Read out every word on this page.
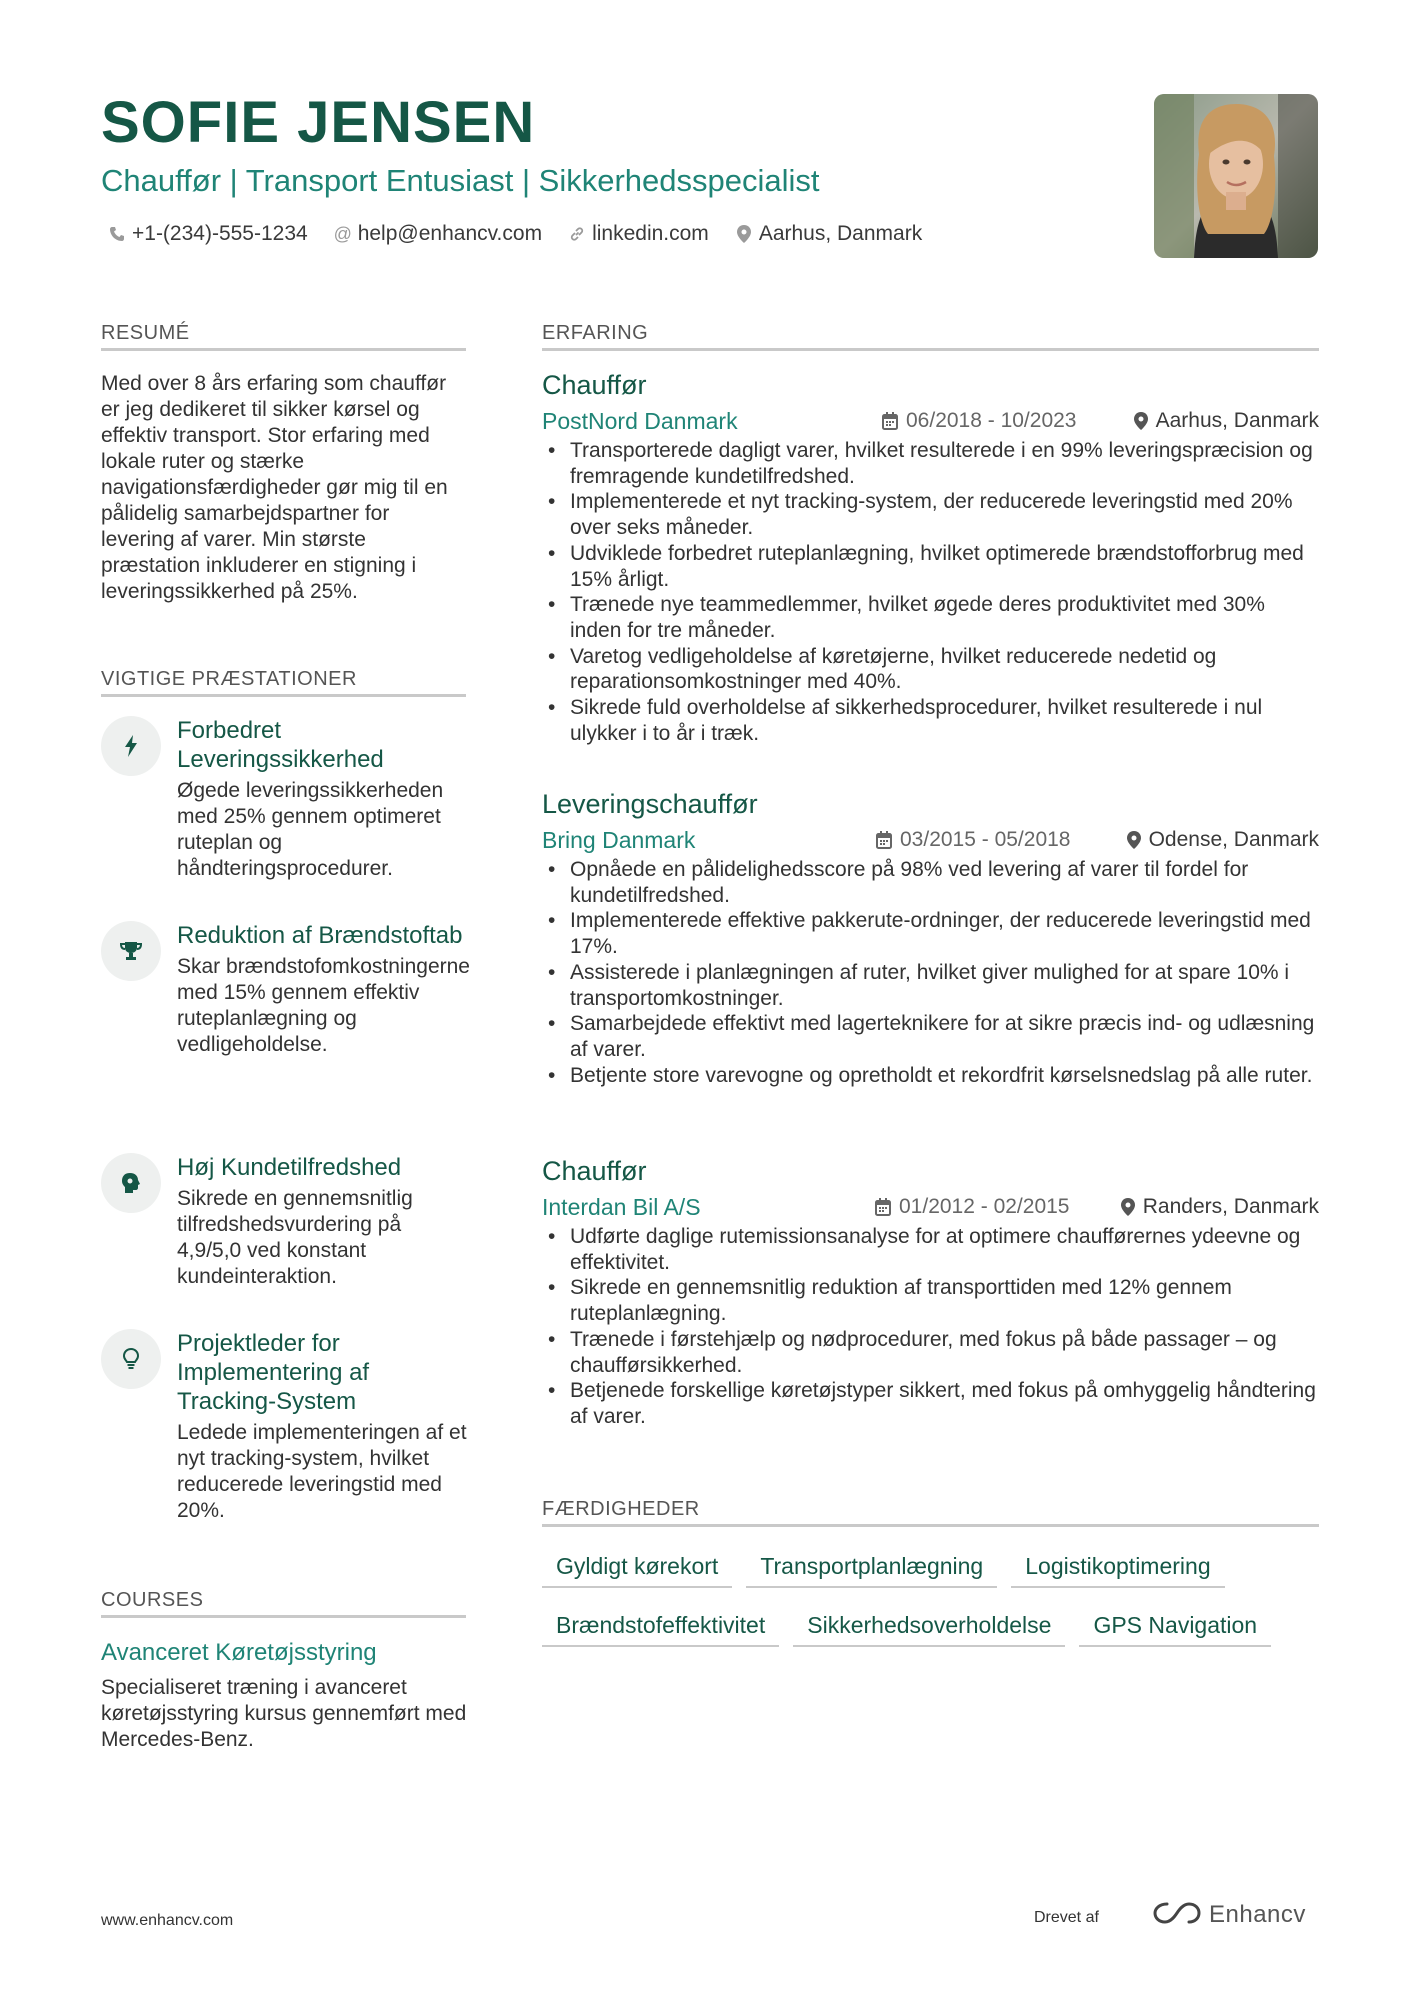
SOFIE JENSEN
Chauffør | Transport Entusiast | Sikkerhedsspecialist
+1-(234)-555-1234 @ help@enhancv.com linkedin.com Aarhus, Danmark
RESUMÉ
Med over 8 års erfaring som chauffør er jeg dedikeret til sikker kørsel og effektiv transport. Stor erfaring med lokale ruter og stærke navigationsfærdigheder gør mig til en pålidelig samarbejdspartner for levering af varer. Min største præstation inkluderer en stigning i leveringssikkerhed på 25%.
VIGTIGE PRÆSTATIONER
Forbedret Leveringssikkerhed
Øgede leveringssikkerheden med 25% gennem optimeret ruteplan og håndteringsprocedurer.
Reduktion af Brændstoftab
Skar brændstofomkostningerne med 15% gennem effektiv ruteplanlægning og vedligeholdelse.
Høj Kundetilfredshed
Sikrede en gennemsnitlig tilfredshedsvurdering på 4,9/5,0 ved konstant kundeinteraktion.
Projektleder for Implementering af Tracking-System
Ledede implementeringen af et nyt tracking-system, hvilket reducerede leveringstid med 20%.
COURSES
Avanceret Køretøjsstyring
Specialiseret træning i avanceret køretøjsstyring kursus gennemført med Mercedes-Benz.
ERFARING
Chauffør
PostNord Danmark	06/2018 - 10/2023	Aarhus, Danmark
• Transporterede dagligt varer, hvilket resulterede i en 99% leveringspræcision og fremragende kundetilfredshed.
• Implementerede et nyt tracking-system, der reducerede leveringstid med 20% over seks måneder.
• Udviklede forbedret ruteplanlægning, hvilket optimerede brændstofforbrug med 15% årligt.
• Trænede nye teammedlemmer, hvilket øgede deres produktivitet med 30% inden for tre måneder.
• Varetog vedligeholdelse af køretøjerne, hvilket reducerede nedetid og reparationsomkostninger med 40%.
• Sikrede fuld overholdelse af sikkerhedsprocedurer, hvilket resulterede i nul ulykker i to år i træk.
Leveringschauffør
Bring Danmark	03/2015 - 05/2018	Odense, Danmark
• Opnåede en pålidelighedsscore på 98% ved levering af varer til fordel for kundetilfredshed.
• Implementerede effektive pakkerute-ordninger, der reducerede leveringstid med 17%.
• Assisterede i planlægningen af ruter, hvilket giver mulighed for at spare 10% i transportomkostninger.
• Samarbejdede effektivt med lagerteknikere for at sikre præcis ind- og udlæsning af varer.
• Betjente store varevogne og opretholdt et rekordfrit kørselsnedslag på alle ruter.
Chauffør
Interdan Bil A/S	01/2012 - 02/2015	Randers, Danmark
• Udførte daglige rutemissionsanalyse for at optimere chaufførernes ydeevne og effektivitet.
• Sikrede en gennemsnitlig reduktion af transporttiden med 12% gennem ruteplanlægning.
• Trænede i førstehjælp og nødprocedurer, med fokus på både passager – og chaufførsikkerhed.
• Betjenede forskellige køretøjstyper sikkert, med fokus på omhyggelig håndtering af varer.
FÆRDIGHEDER
Gyldigt kørekort	Transportplanlægning	Logistikoptimering
Brændstofeffektivitet	Sikkerhedsoverholdelse	GPS Navigation
www.enhancv.com	Drevet af	Enhancv
